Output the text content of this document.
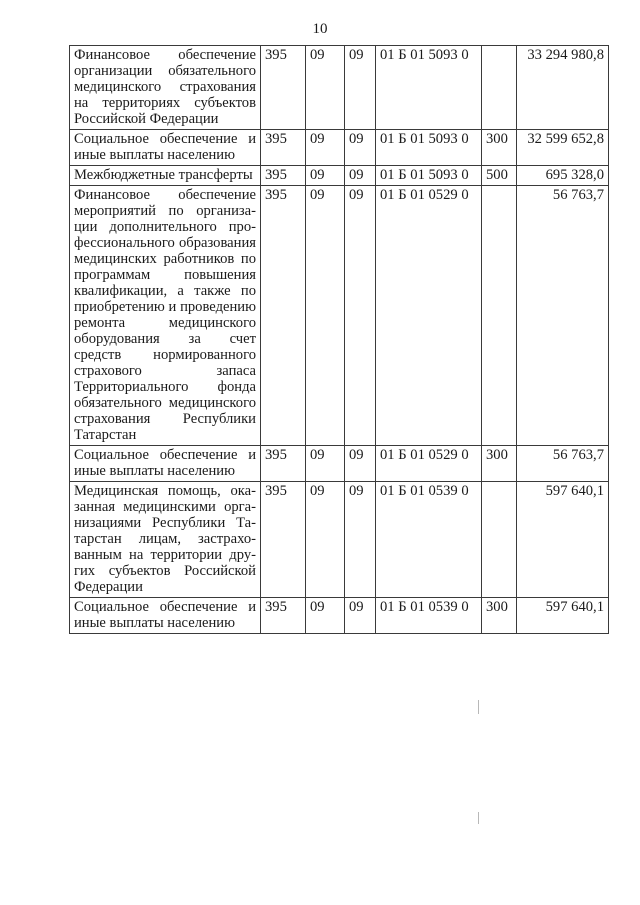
10
Финансовое обеспечение организации обязательного медицинского страхования на территориях субъектов Российской Федерации	395	09	09	01 Б 01 5093 0		33 294 980,8
Социальное обеспечение и иные выплаты населению	395	09	09	01 Б 01 5093 0	300	32 599 652,8
Межбюджетные трансферты	395	09	09	01 Б 01 5093 0	500	695 328,0
Финансовое обеспечение мероприятий по организации дополнительного профессионального образования медицинских работников по программам повышения квалификации, а также по приобретению и проведению ремонта медицинского оборудования за счет средств нормированного страхового запаса Территориального фонда обязательного медицинского страхования Республики Татарстан	395	09	09	01 Б 01 0529 0		56 763,7
Социальное обеспечение и иные выплаты населению	395	09	09	01 Б 01 0529 0	300	56 763,7
Медицинская помощь, оказанная медицинскими организациями Республики Татарстан лицам, застрахованным на территории других субъектов Российской Федерации	395	09	09	01 Б 01 0539 0		597 640,1
Социальное обеспечение и иные выплаты населению	395	09	09	01 Б 01 0539 0	300	597 640,1
